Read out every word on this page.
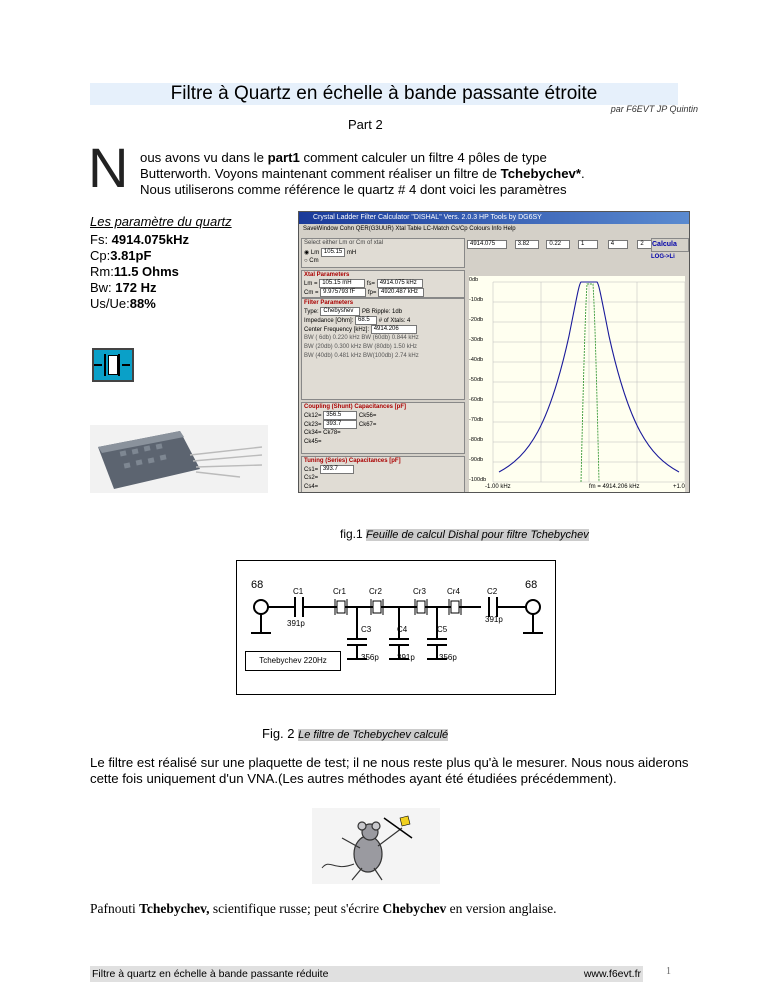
Filtre à Quartz en échelle à bande passante étroite
par F6EVT JP Quintin
Part 2
N ous avons vu dans le part1 comment calculer un filtre 4 pôles de type
Butterworth. Voyons maintenant comment réaliser un filtre de Tchebychev*.
Nous utiliserons comme référence le quartz # 4 dont voici les paramètres
Les paramètre du quartz
Fs: 4914.075kHz
Cp:3.81pF
Rm:11.5 Ohms
Bw: 172 Hz
Us/Ue:88%
Crystal Ladder Filter Calculator "DISHAL" Vers. 2.0.3 HP Tools by DG6SY
SaveWindow Cohn QER(G3UUR) Xtal Table LC-Match Cs/Cp Colours Info Help
Select either Lm or Cm of xtal
◉ Lm 105.15 mH
○ Cm
4914.075	3.82	0.22	1	4	2	Calcula
LOG->Li
Xtal Parameters
Lm = 105.15 mH fs= 4914.075 kHz
Cm = 9.975793 fF fp= 4920.487 kHz
Filter Parameters
Type: Chebyshev PB Ripple: 1db
Impedance [Ohm]: 68.5 # of Xtals: 4
Center Frequency [kHz]: 4914.206
BW ( 6db) 0.220 kHz BW (60db) 0.844 kHz
BW (20db) 0.300 kHz BW (80db) 1.50 kHz
BW (40db) 0.481 kHz BW(100db) 2.74 kHz
Coupling (Shunt) Capacitances [pF]
Ck12= 356.5	Ck56=
Ck23= 393.7	Ck67=
Ck34= Ck78=
Ck45=
Tuning (Series) Capacitances [pF]
Cs1= 393.7
Cs2=
Cs4=
0db
-10db
-20db
-30db
-40db
-50db
-60db
-70db
-80db
-90db
-100db
-1.00 kHz	fm = 4914.206 kHz	+1.0
fig.1 Feuille de calcul Dishal pour filtre Tchebychev
68	68
C1	Cr1	Cr2	Cr3	Cr4	C2
391p	391p
C3	C4	C5
356p 391p	356p
Tchebychev 220Hz
Fig. 2 Le filtre de Tchebychev calculé
Le filtre est réalisé sur une plaquette de test; il ne nous reste plus qu'à le mesurer. Nous nous aiderons cette fois uniquement d'un VNA.(Les autres méthodes ayant été étudiées précédemment).
Pafnouti Tchebychev, scientifique russe; peut s'écrire Chebychev en version anglaise.
Filtre à quartz en échelle à bande passante réduite	www.f6evt.fr	1
